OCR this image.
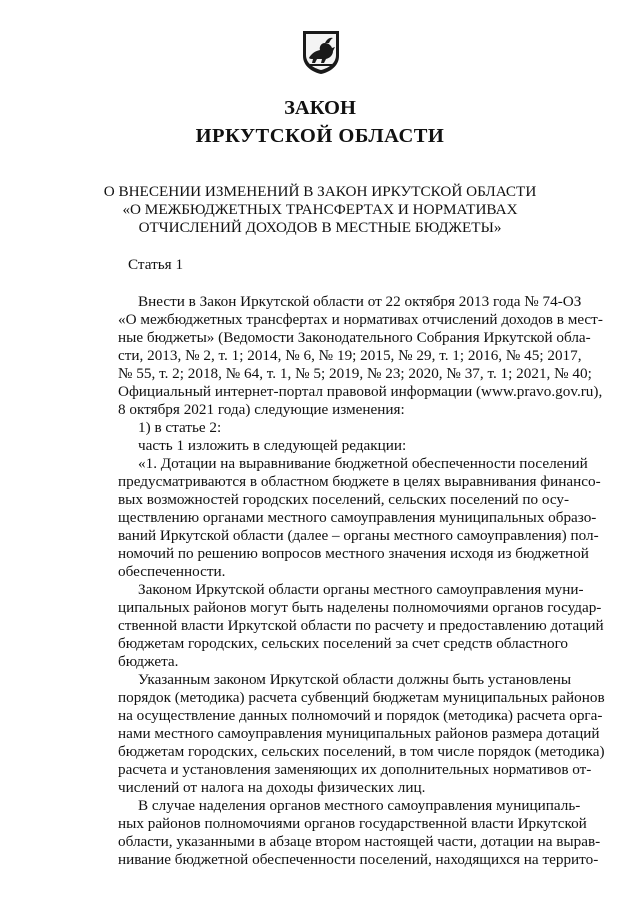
ЗАКОН
ИРКУТСКОЙ ОБЛАСТИ
О ВНЕСЕНИИ ИЗМЕНЕНИЙ В ЗАКОН ИРКУТСКОЙ ОБЛАСТИ
«О МЕЖБЮДЖЕТНЫХ ТРАНСФЕРТАХ И НОРМАТИВАХ
ОТЧИСЛЕНИЙ ДОХОДОВ В МЕСТНЫЕ БЮДЖЕТЫ»
Статья 1
Внести в Закон Иркутской области от 22 октября 2013 года № 74-ОЗ
«О межбюджетных трансфертах и нормативах отчислений доходов в мест-
ные бюджеты» (Ведомости Законодательного Собрания Иркутской обла-
сти, 2013, № 2, т. 1; 2014, № 6, № 19; 2015, № 29, т. 1; 2016, № 45; 2017,
№ 55, т. 2; 2018, № 64, т. 1, № 5; 2019, № 23; 2020, № 37, т. 1; 2021, № 40;
Официальный интернет-портал правовой информации (www.pravo.gov.ru),
8 октября 2021 года) следующие изменения:
1) в статье 2:
часть 1 изложить в следующей редакции:
«1. Дотации на выравнивание бюджетной обеспеченности поселений
предусматриваются в областном бюджете в целях выравнивания финансо-
вых возможностей городских поселений, сельских поселений по осу-
ществлению органами местного самоуправления муниципальных образо-
ваний Иркутской области (далее – органы местного самоуправления) пол-
номочий по решению вопросов местного значения исходя из бюджетной
обеспеченности.
Законом Иркутской области органы местного самоуправления муни-
ципальных районов могут быть наделены полномочиями органов государ-
ственной власти Иркутской области по расчету и предоставлению дотаций
бюджетам городских, сельских поселений за счет средств областного
бюджета.
Указанным законом Иркутской области должны быть установлены
порядок (методика) расчета субвенций бюджетам муниципальных районов
на осуществление данных полномочий и порядок (методика) расчета орга-
нами местного самоуправления муниципальных районов размера дотаций
бюджетам городских, сельских поселений, в том числе порядок (методика)
расчета и установления заменяющих их дополнительных нормативов от-
числений от налога на доходы физических лиц.
В случае наделения органов местного самоуправления муниципаль-
ных районов полномочиями органов государственной власти Иркутской
области, указанными в абзаце втором настоящей части, дотации на вырав-
нивание бюджетной обеспеченности поселений, находящихся на террито-
